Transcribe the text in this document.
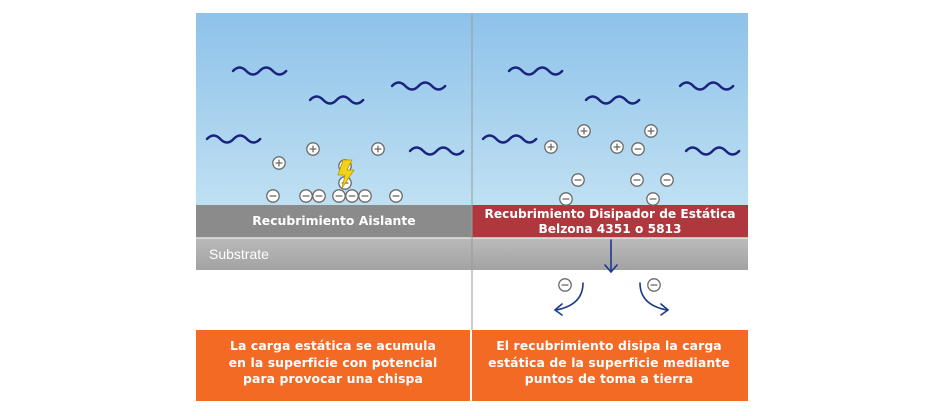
Recubrimiento Aislante	Recubrimiento Disipador de Estática
Belzona 4351 o 5813
Substrate
La carga estática se acumula
en la superficie con potencial
para provocar una chispa
El recubrimiento disipa la carga
estática de la superficie mediante
puntos de toma a tierra
